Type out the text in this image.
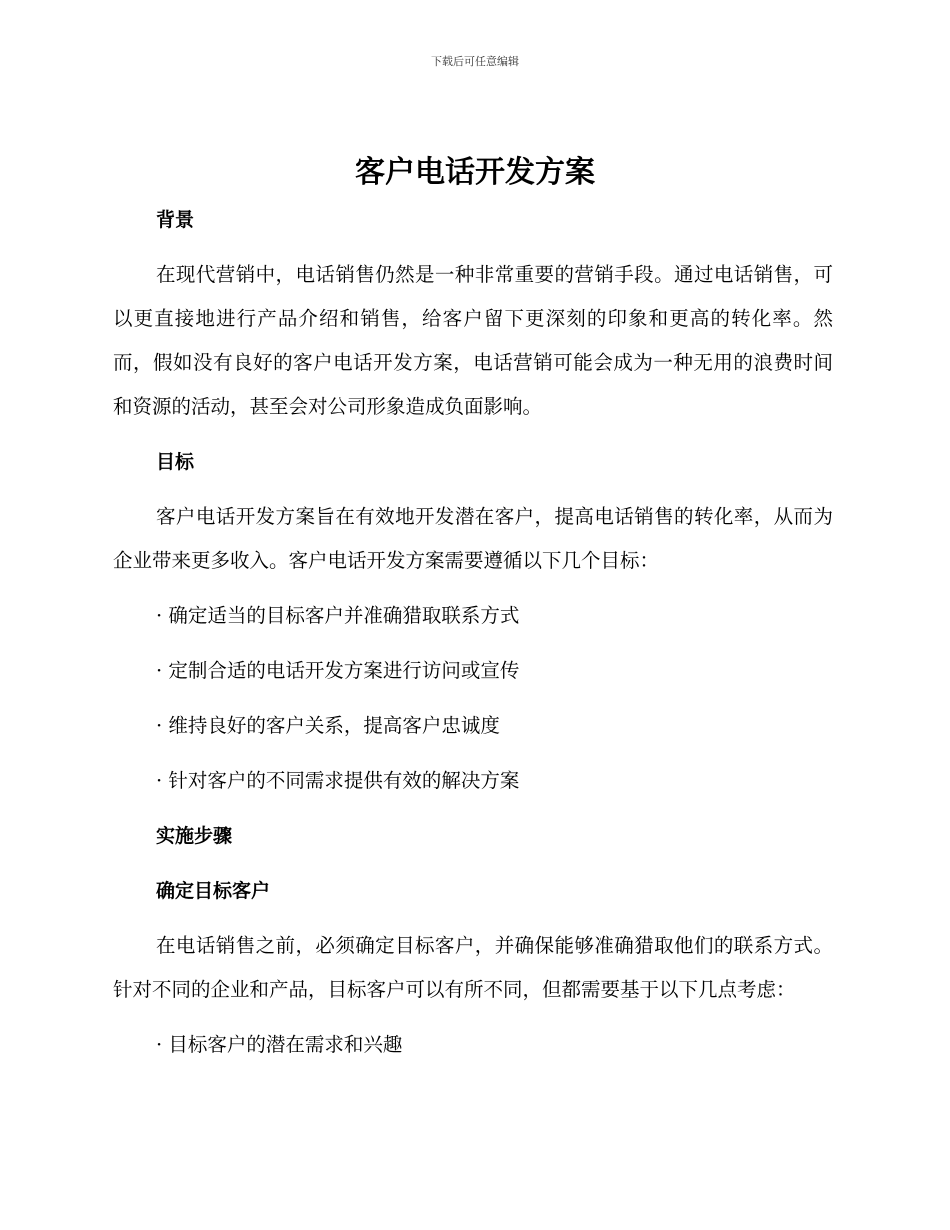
下载后可任意编辑
客户电话开发方案
背景

在现代营销中，电话销售仍然是一种非常重要的营销手段。通过电话销售，可以更直接地进行产品介绍和销售，给客户留下更深刻的印象和更高的转化率。然而，假如没有良好的客户电话开发方案，电话营销可能会成为一种无用的浪费时间和资源的活动，甚至会对公司形象造成负面影响。

目标

客户电话开发方案旨在有效地开发潜在客户，提高电话销售的转化率，从而为企业带来更多收入。客户电话开发方案需要遵循以下几个目标：

· 确定适当的目标客户并准确猎取联系方式
· 定制合适的电话开发方案进行访问或宣传
· 维持良好的客户关系，提高客户忠诚度
· 针对客户的不同需求提供有效的解决方案
实施步骤
确定目标客户

在电话销售之前，必须确定目标客户，并确保能够准确猎取他们的联系方式。针对不同的企业和产品，目标客户可以有所不同，但都需要基于以下几点考虑：

· 目标客户的潜在需求和兴趣
